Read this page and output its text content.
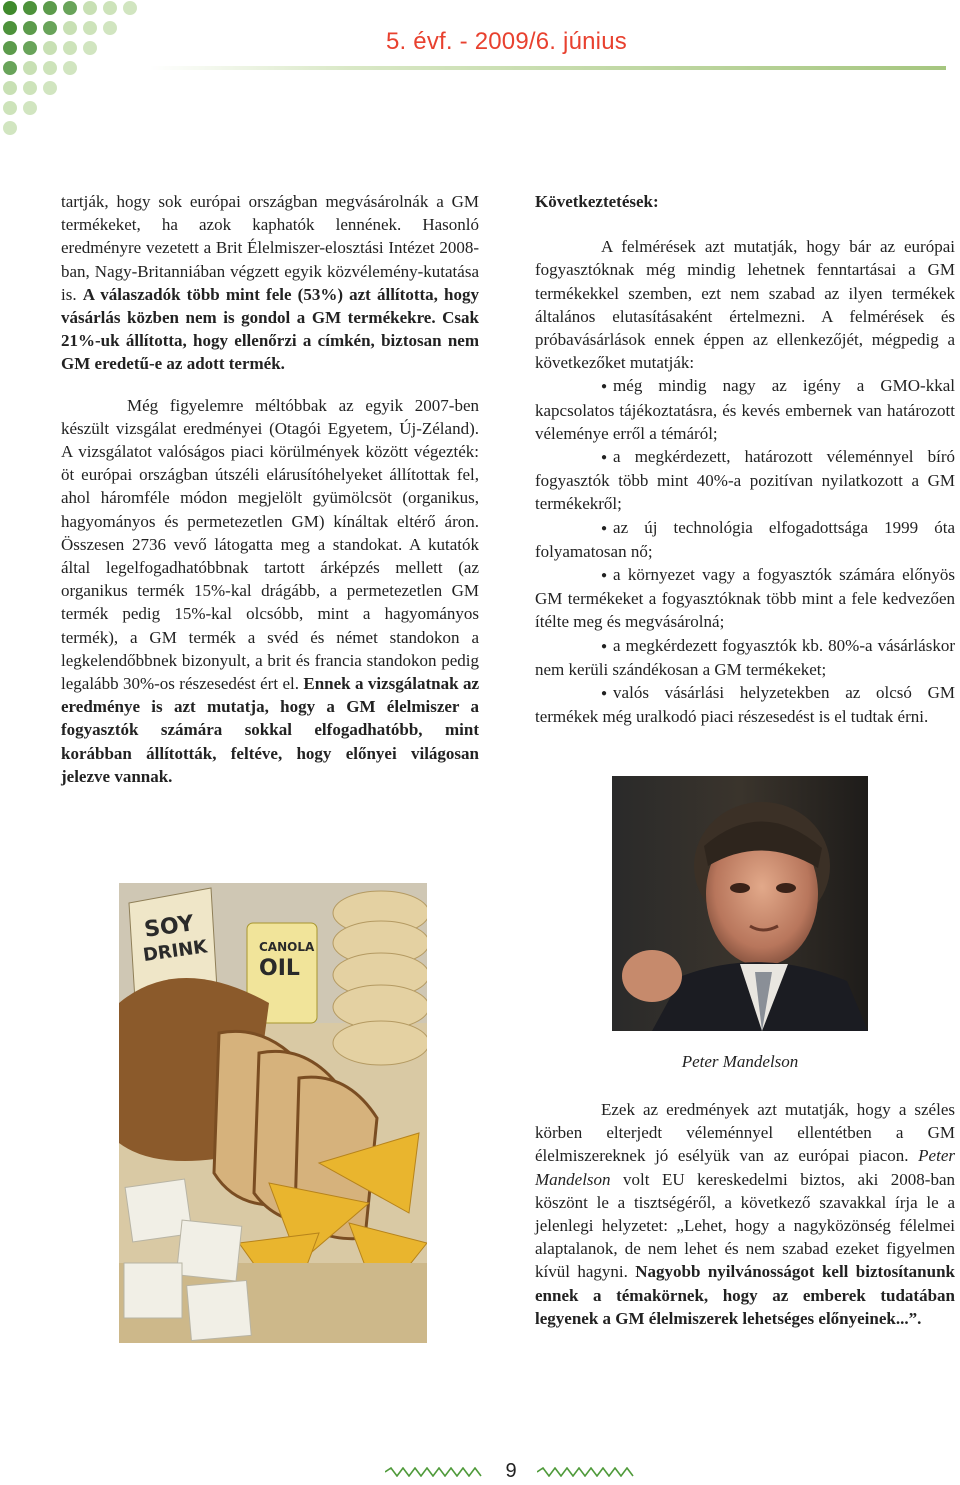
5. évf. - 2009/6. június

tartják, hogy sok európai országban megvásárolnák a GM termékeket, ha azok kaphatók lennének. Hasonló eredményre vezetett a Brit Élelmiszer-elosztási Intézet 2008-ban, Nagy-Britanniában végzett egyik közvélemény-kutatása is. A válaszadók több mint fele (53%) azt állította, hogy vásárlás közben nem is gondol a GM termékekre. Csak 21%-uk állította, hogy ellenőrzi a címkén, biztosan nem GM eredetű-e az adott termék.

Még figyelemre méltóbbak az egyik 2007-ben készült vizsgálat eredményei (Otagói Egyetem, Új-Zéland). A vizsgálatot valóságos piaci körülmények között végezték: öt európai országban útszéli elárusítóhelyeket állítottak fel, ahol háromféle módon megjelölt gyümölcsöt (organikus, hagyományos és permetezetlen GM) kínáltak eltérő áron. Összesen 2736 vevő látogatta meg a standokat. A kutatók által legelfogadhatóbbnak tartott árképzés mellett (az organikus termék 15%-kal drágább, a permetezetlen GM termék pedig 15%-kal olcsóbb, mint a hagyományos termék), a GM termék a svéd és német standokon a legkelendőbbnek bizonyult, a brit és francia standokon pedig legalább 30%-os részesedést ért el. Ennek a vizsgálatnak az eredménye is azt mutatja, hogy a GM élelmiszer a fogyasztók számára sokkal elfogadhatóbb, mint korábban állították, feltéve, hogy előnyei világosan jelezve vannak.

Következtetések:

A felmérések azt mutatják, hogy bár az európai fogyasztóknak még mindig lehetnek fenntartásai a GM termékekkel szemben, ezt nem szabad az ilyen termékek általános elutasításaként értelmezni. A felmérések és próbavásárlások ennek éppen az ellenkezőjét, mégpedig a következőket mutatják:

● még mindig nagy az igény a GMO-kkal kapcsolatos tájékoztatásra, és kevés embernek van határozott véleménye erről a témáról;
● a megkérdezett, határozott véleménnyel bíró fogyasztók több mint 40%-a pozitívan nyilatkozott a GM termékekről;
● az új technológia elfogadottsága 1999 óta folyamatosan nő;
● a környezet vagy a fogyasztók számára előnyös GM termékeket a fogyasztóknak több mint a fele kedvezően ítélte meg és megvásárolná;
● a megkérdezett fogyasztók kb. 80%-a vásárláskor nem kerüli szándékosan a GM termékeket;
● valós vásárlási helyzetekben az olcsó GM termékek még uralkodó piaci részesedést is el tudtak érni.
Peter Mandelson

Ezek az eredmények azt mutatják, hogy a széles körben elterjedt véleménnyel ellentétben a GM élelmiszereknek jó esélyük van az európai piacon. Peter Mandelson volt EU kereskedelmi biztos, aki 2008-ban köszönt le a tisztségéről, a következő szavakkal írja le a jelenlegi helyzetet: „Lehet, hogy a nagyközönség félelmei alaptalanok, de nem lehet és nem szabad ezeket figyelmen kívül hagyni. Nagyobb nyilvánosságot kell biztosítanunk ennek a témakörnek, hogy az emberek tudatában legyenek a GM élelmiszerek lehetséges előnyeinek...”.

SOY
DRINK	CANOLA
OIL
9
